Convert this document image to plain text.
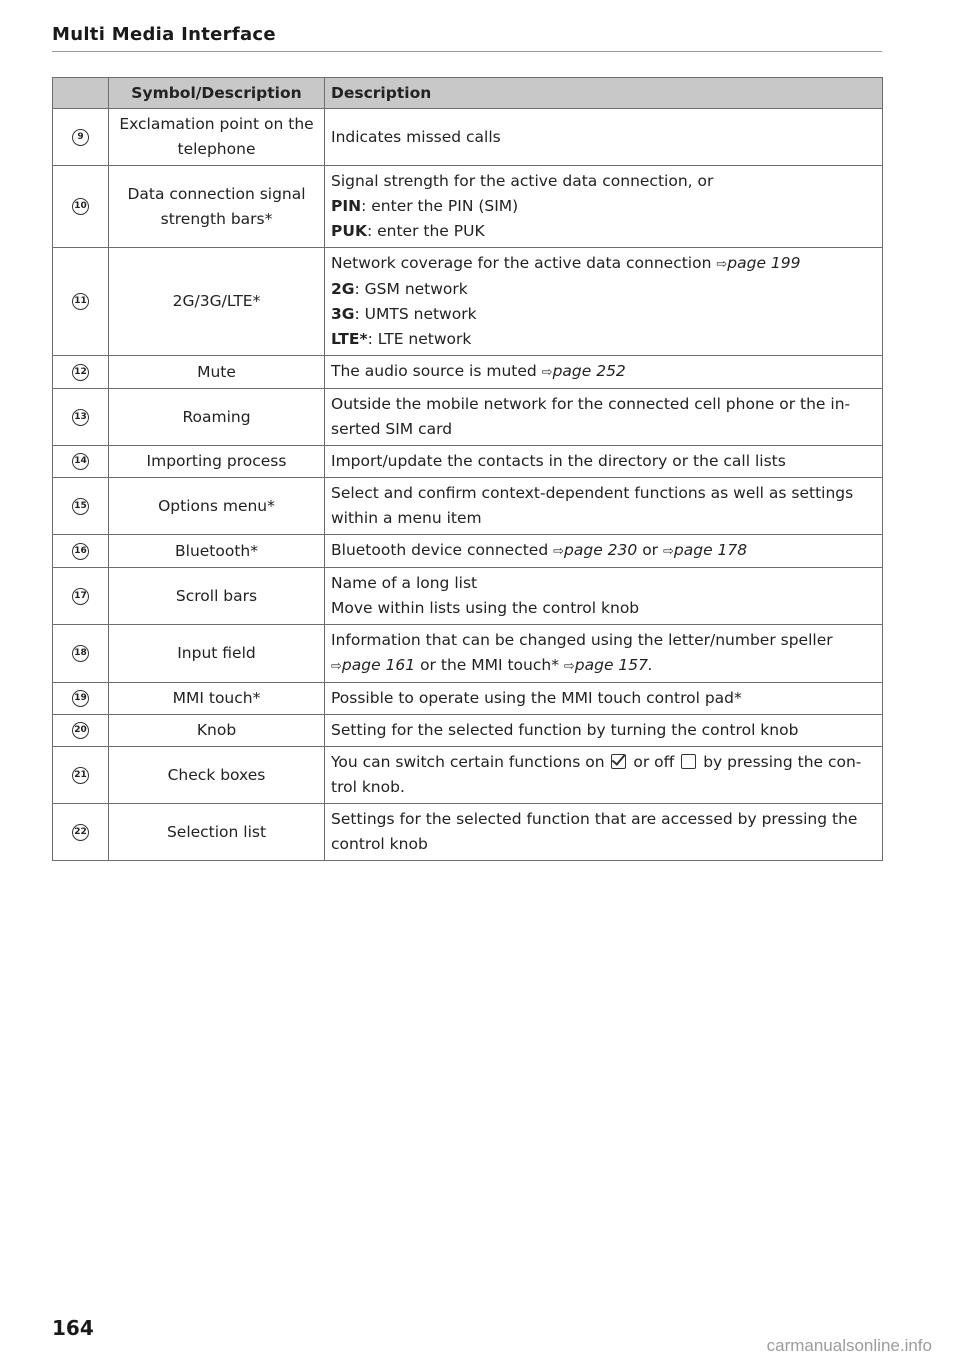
Multi Media Interface
	Symbol/Description	Description
9	Exclamation point on the telephone	Indicates missed calls
10	Data connection signal strength bars*	Signal strength for the active data connection, or
PIN: enter the PIN (SIM)
PUK: enter the PUK

11	2G/3G/LTE*	Network coverage for the active data connection ⇨page 199
2G: GSM network
3G: UMTS network
LTE*: LTE network

12	Mute	The audio source is muted ⇨page 252
13	Roaming	Outside the mobile network for the connected cell phone or the in-
serted SIM card

14	Importing process	Import/update the contacts in the directory or the call lists
15	Options menu*	Select and confirm context-dependent functions as well as settings
within a menu item

16	Bluetooth*	Bluetooth device connected ⇨page 230 or ⇨page 178
17	Scroll bars	Name of a long list
Move within lists using the control knob

18	Input field	Information that can be changed using the letter/number speller
⇨page 161 or the MMI touch* ⇨page 157.

19	MMI touch*	Possible to operate using the MMI touch control pad*
20	Knob	Setting for the selected function by turning the control knob
21	Check boxes	You can switch certain functions on or off by pressing the con-
trol knob.

22	Selection list	Settings for the selected function that are accessed by pressing the
control knob
164
carmanualsonline.info
